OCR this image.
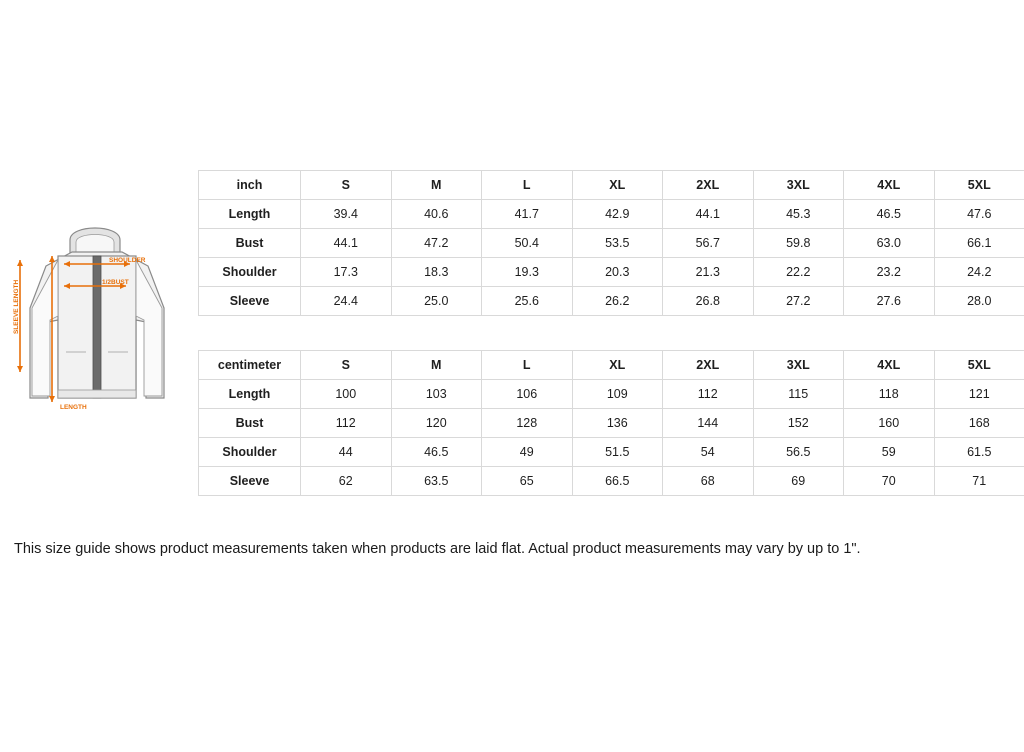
SHOULDER
1/2BUST
SLEEVE LENGTH
LENGTH
inch	S	M	L	XL	2XL	3XL	4XL	5XL
Length	39.4	40.6	41.7	42.9	44.1	45.3	46.5	47.6
Bust	44.1	47.2	50.4	53.5	56.7	59.8	63.0	66.1
Shoulder	17.3	18.3	19.3	20.3	21.3	22.2	23.2	24.2
Sleeve	24.4	25.0	25.6	26.2	26.8	27.2	27.6	28.0
centimeter	S	M	L	XL	2XL	3XL	4XL	5XL
Length	100	103	106	109	112	115	118	121
Bust	112	120	128	136	144	152	160	168
Shoulder	44	46.5	49	51.5	54	56.5	59	61.5
Sleeve	62	63.5	65	66.5	68	69	70	71
This size guide shows product measurements taken when products are laid flat. Actual product measurements may vary by up to 1".
